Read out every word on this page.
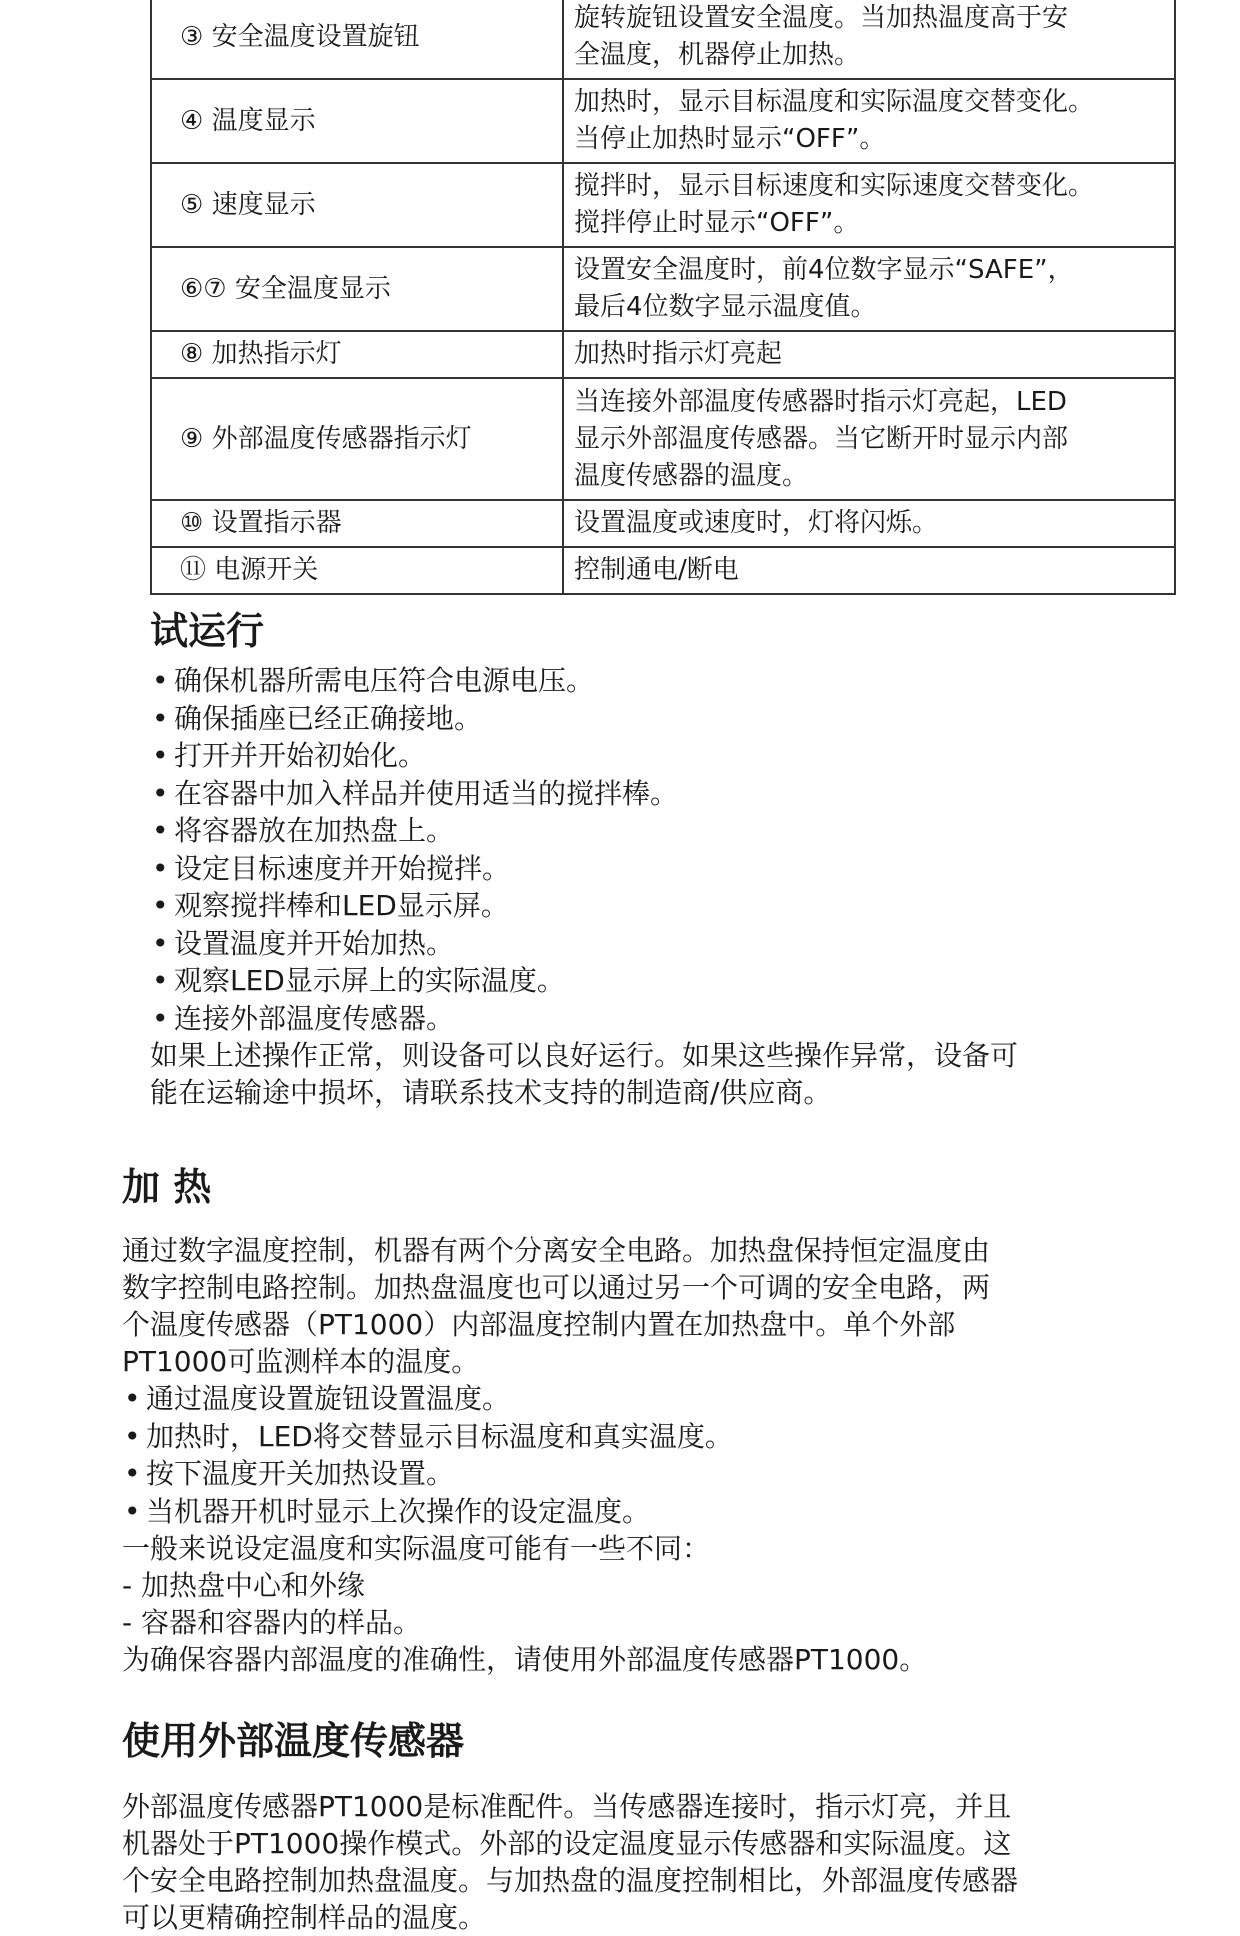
③ 安全温度设置旋钮	旋转旋钮设置安全温度。当加热温度高于安
全温度，机器停止加热。
④ 温度显示	加热时，显示目标温度和实际温度交替变化。
当停止加热时显示“OFF”。
⑤ 速度显示	搅拌时，显示目标速度和实际速度交替变化。
搅拌停止时显示“OFF”。
⑥⑦ 安全温度显示	设置安全温度时，前4位数字显示“SAFE”，
最后4位数字显示温度值。
⑧ 加热指示灯	加热时指示灯亮起
⑨ 外部温度传感器指示灯	当连接外部温度传感器时指示灯亮起，LED
显示外部温度传感器。当它断开时显示内部
温度传感器的温度。
⑩ 设置指示器	设置温度或速度时，灯将闪烁。
⑪ 电源开关	控制通电/断电
试运行
• 确保机器所需电压符合电源电压。
• 确保插座已经正确接地。
• 打开并开始初始化。
• 在容器中加入样品并使用适当的搅拌棒。
• 将容器放在加热盘上。
• 设定目标速度并开始搅拌。
• 观察搅拌棒和LED显示屏。
• 设置温度并开始加热。
• 观察LED显示屏上的实际温度。
• 连接外部温度传感器。

如果上述操作正常，则设备可以良好运行。如果这些操作异常，设备可

能在运输途中损坏，请联系技术支持的制造商/供应商。

加 热

通过数字温度控制，机器有两个分离安全电路。加热盘保持恒定温度由

数字控制电路控制。加热盘温度也可以通过另一个可调的安全电路，两

个温度传感器（PT1000）内部温度控制内置在加热盘中。单个外部

PT1000可监测样本的温度。

• 通过温度设置旋钮设置温度。
• 加热时，LED将交替显示目标温度和真实温度。
• 按下温度开关加热设置。
• 当机器开机时显示上次操作的设定温度。

一般来说设定温度和实际温度可能有一些不同：

- 加热盘中心和外缘

- 容器和容器内的样品。

为确保容器内部温度的准确性，请使用外部温度传感器PT1000。

使用外部温度传感器

外部温度传感器PT1000是标准配件。当传感器连接时，指示灯亮，并且

机器处于PT1000操作模式。外部的设定温度显示传感器和实际温度。这

个安全电路控制加热盘温度。与加热盘的温度控制相比，外部温度传感器

可以更精确控制样品的温度。
